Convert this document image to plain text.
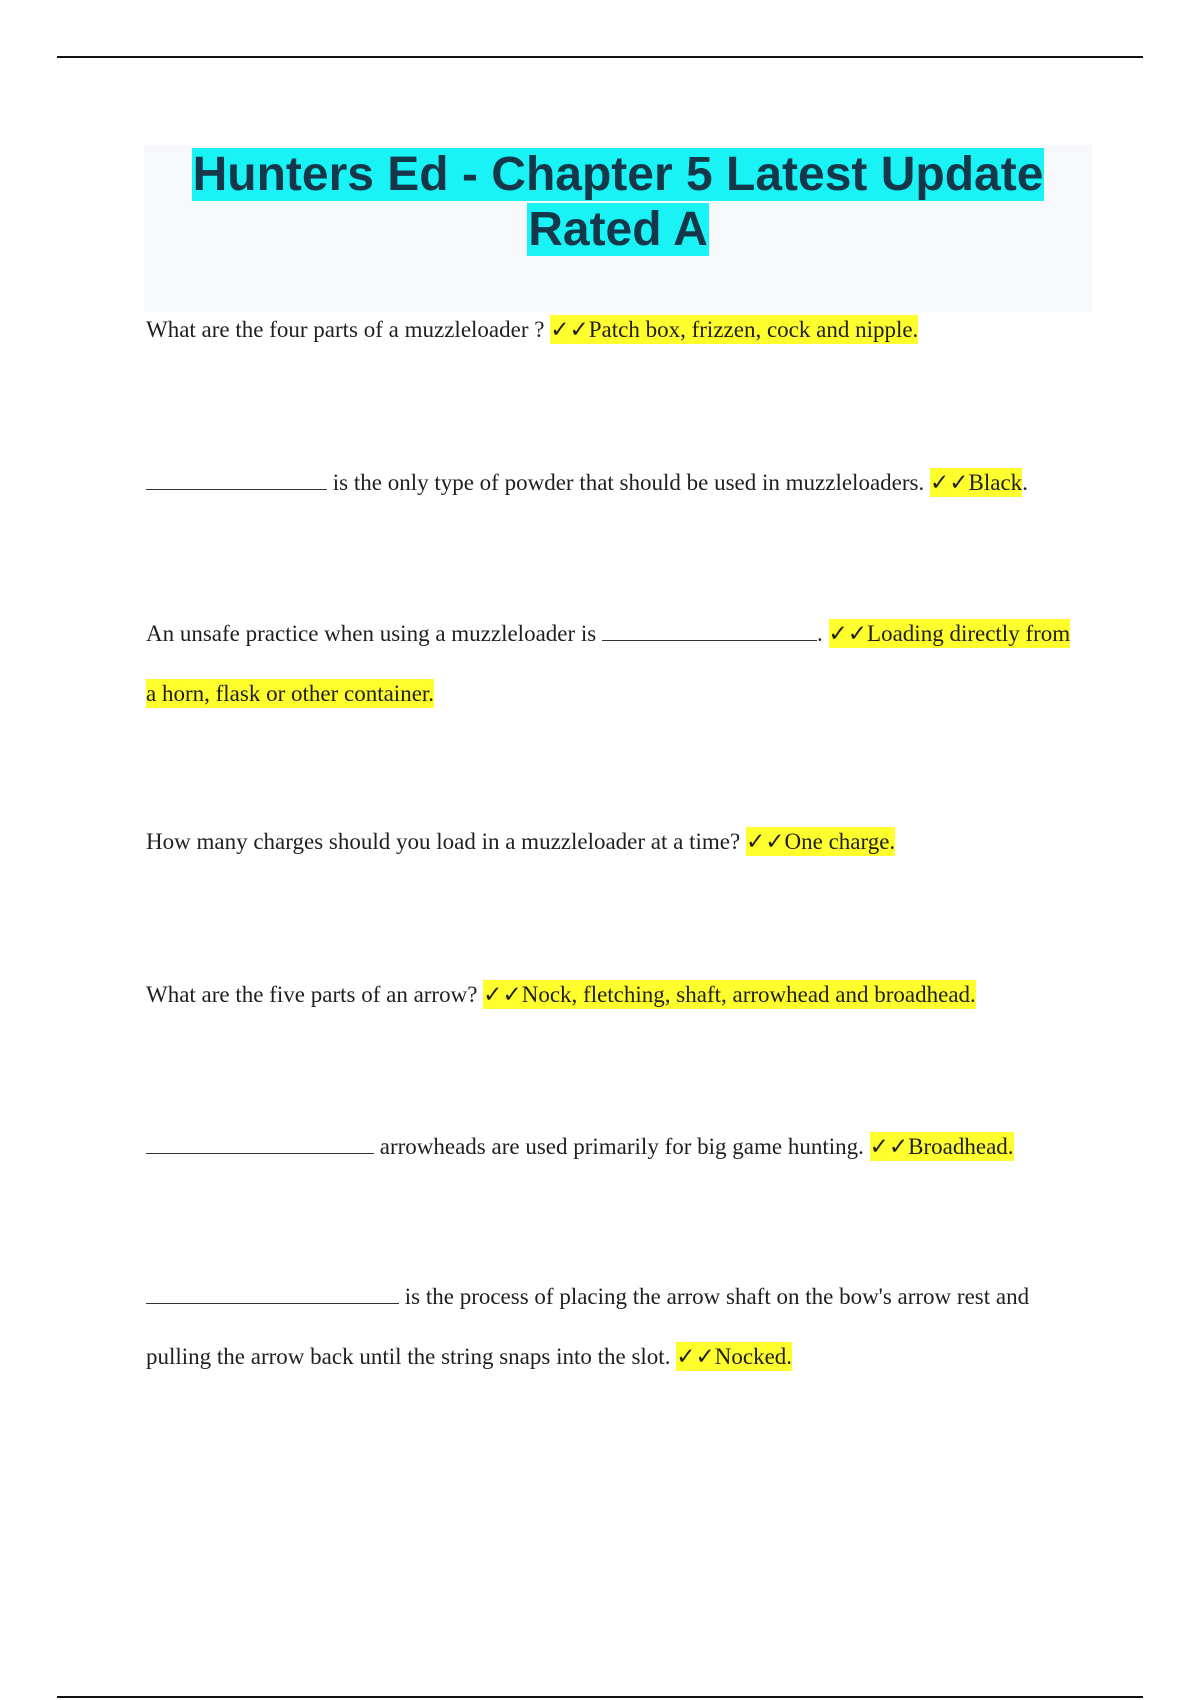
Hunters Ed - Chapter 5 Latest Update
Rated A

What are the four parts of a muzzleloader ? ✓✓Patch box, frizzen, cock and nipple.

is the only type of powder that should be used in muzzleloaders. ✓✓Black.

An unsafe practice when using a muzzleloader is	. ✓✓Loading directly from a horn, flask or other container.

How many charges should you load in a muzzleloader at a time? ✓✓One charge.

What are the five parts of an arrow? ✓✓Nock, fletching, shaft, arrowhead and broadhead.

arrowheads are used primarily for big game hunting. ✓✓Broadhead.

is the process of placing the arrow shaft on the bow's arrow rest and pulling the arrow back until the string snaps into the slot. ✓✓Nocked.
